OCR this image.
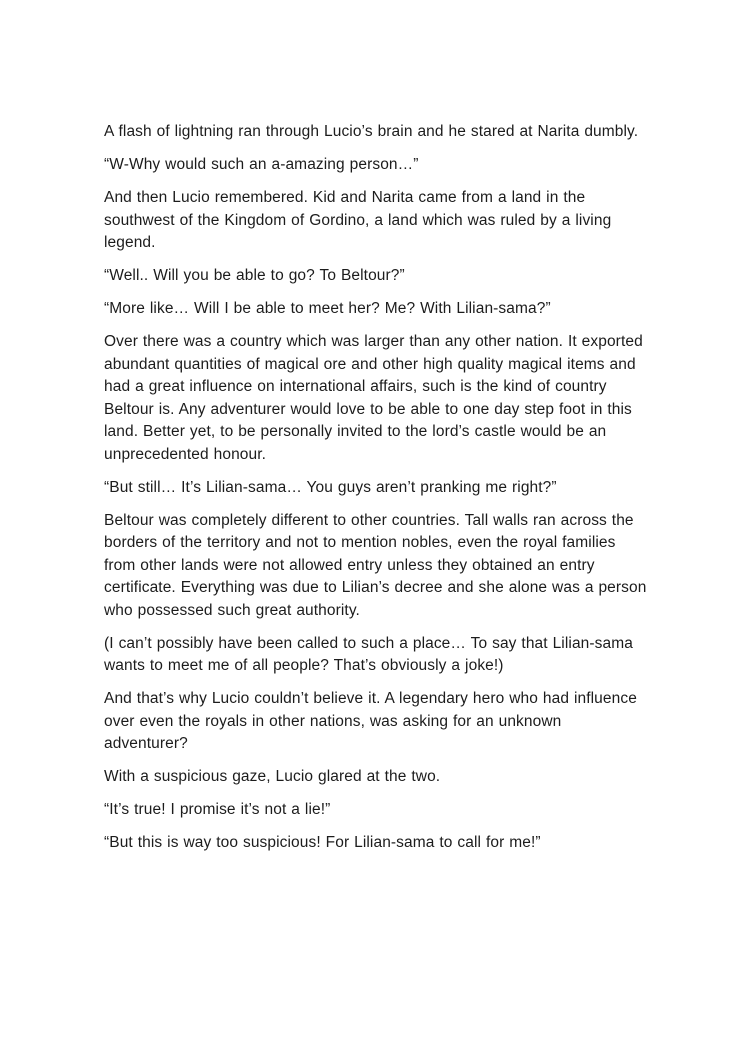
A flash of lightning ran through Lucio’s brain and he stared at Narita dumbly.

“W-Why would such an a-amazing person…”

And then Lucio remembered. Kid and Narita came from a land in the southwest of the Kingdom of Gordino, a land which was ruled by a living legend.

“Well.. Will you be able to go? To Beltour?”

“More like… Will I be able to meet her? Me? With Lilian-sama?”

Over there was a country which was larger than any other nation. It exported abundant quantities of magical ore and other high quality magical items and had a great influence on international affairs, such is the kind of country Beltour is. Any adventurer would love to be able to one day step foot in this land. Better yet, to be personally invited to the lord’s castle would be an unprecedented honour.

“But still… It’s Lilian-sama… You guys aren’t pranking me right?”

Beltour was completely different to other countries. Tall walls ran across the borders of the territory and not to mention nobles, even the royal families from other lands were not allowed entry unless they obtained an entry certificate. Everything was due to Lilian’s decree and she alone was a person who possessed such great authority.

(I can’t possibly have been called to such a place… To say that Lilian-sama wants to meet me of all people? That’s obviously a joke!)

And that’s why Lucio couldn’t believe it. A legendary hero who had influence over even the royals in other nations, was asking for an unknown adventurer?

With a suspicious gaze, Lucio glared at the two.

“It’s true! I promise it’s not a lie!”

“But this is way too suspicious! For Lilian-sama to call for me!”
